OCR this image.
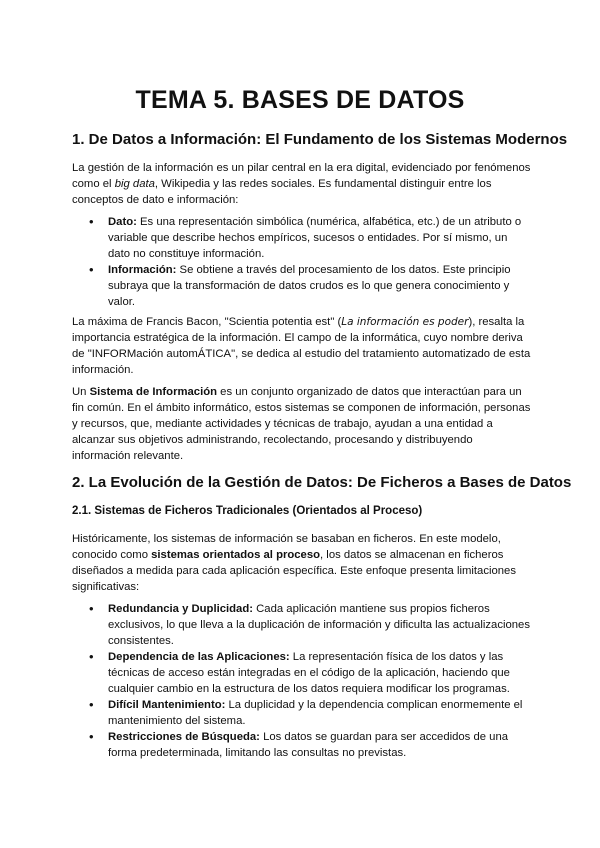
TEMA 5. BASES DE DATOS
1. De Datos a Información: El Fundamento de los Sistemas Modernos

La gestión de la información es un pilar central en la era digital, evidenciado por fenómenos como el big data, Wikipedia y las redes sociales. Es fundamental distinguir entre los conceptos de dato e información:

• Dato: Es una representación simbólica (numérica, alfabética, etc.) de un atributo o variable que describe hechos empíricos, sucesos o entidades. Por sí mismo, un dato no constituye información.
• Información: Se obtiene a través del procesamiento de los datos. Este principio subraya que la transformación de datos crudos es lo que genera conocimiento y valor.

La máxima de Francis Bacon, "Scientia potentia est" (La información es poder), resalta la importancia estratégica de la información. El campo de la informática, cuyo nombre deriva de "INFORMación automÁTICA", se dedica al estudio del tratamiento automatizado de esta información.

Un Sistema de Información es un conjunto organizado de datos que interactúan para un fin común. En el ámbito informático, estos sistemas se componen de información, personas y recursos, que, mediante actividades y técnicas de trabajo, ayudan a una entidad a alcanzar sus objetivos administrando, recolectando, procesando y distribuyendo información relevante.

2. La Evolución de la Gestión de Datos: De Ficheros a Bases de Datos
2.1. Sistemas de Ficheros Tradicionales (Orientados al Proceso)

Históricamente, los sistemas de información se basaban en ficheros. En este modelo, conocido como sistemas orientados al proceso, los datos se almacenan en ficheros diseñados a medida para cada aplicación específica. Este enfoque presenta limitaciones significativas:

• Redundancia y Duplicidad: Cada aplicación mantiene sus propios ficheros exclusivos, lo que lleva a la duplicación de información y dificulta las actualizaciones consistentes.
• Dependencia de las Aplicaciones: La representación física de los datos y las técnicas de acceso están integradas en el código de la aplicación, haciendo que cualquier cambio en la estructura de los datos requiera modificar los programas.
• Difícil Mantenimiento: La duplicidad y la dependencia complican enormemente el mantenimiento del sistema.
• Restricciones de Búsqueda: Los datos se guardan para ser accedidos de una forma predeterminada, limitando las consultas no previstas.
